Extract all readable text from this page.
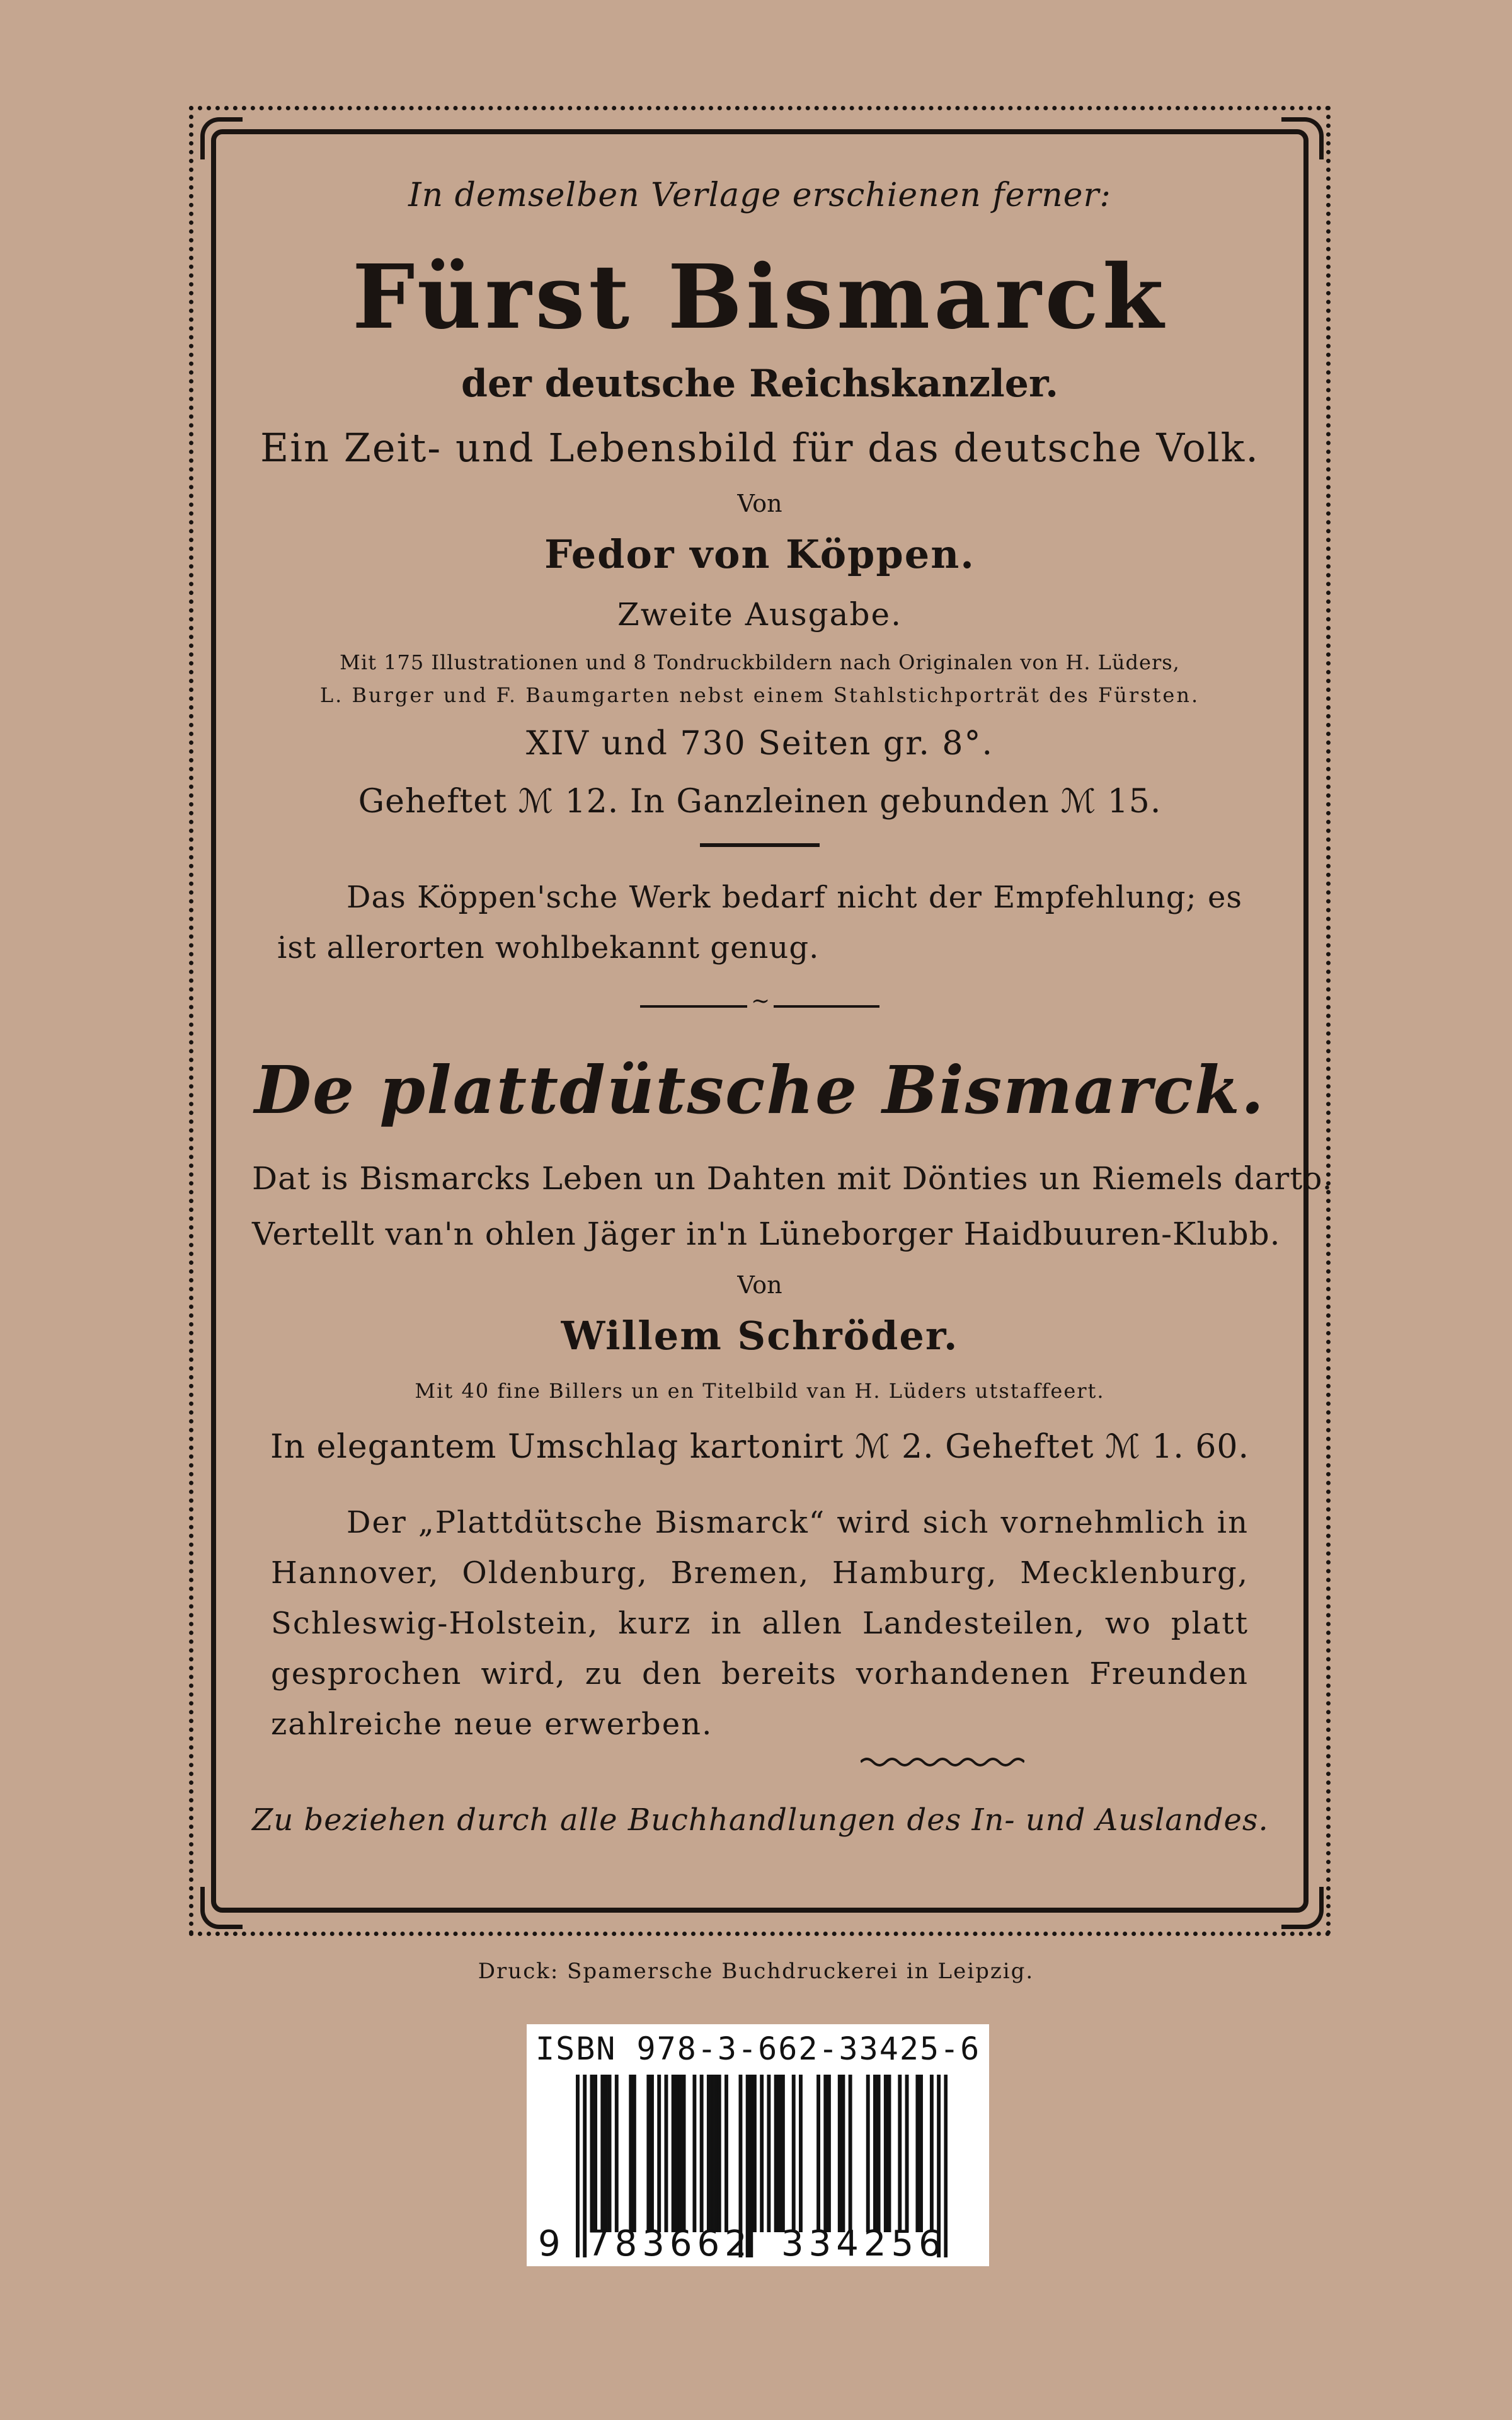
In demselben Verlage erschienen ferner:

Fürst Bismarck

der deutsche Reichskanzler.

Ein Zeit- und Lebensbild für das deutsche Volk.

Von

Fedor von Köppen.

Zweite Ausgabe.

Mit 175 Illustrationen und 8 Tondruckbildern nach Originalen von H. Lüders,

L. Burger und F. Baumgarten nebst einem Stahlstichporträt des Fürsten.

XIV und 730 Seiten gr. 8°.

Geheftet ℳ 12. In Ganzleinen gebunden ℳ 15.

Das Köppen'sche Werk bedarf nicht der Empfehlung; es ist allerorten wohlbekannt genug.

~

De plattdütsche Bismarck.

Dat is Bismarcks Leben un Dahten mit Dönties un Riemels darto.

Vertellt van'n ohlen Jäger in'n Lüneborger Haidbuuren-Klubb.

Von

Willem Schröder.

Mit 40 fine Billers un en Titelbild van H. Lüders utstaffeert.

In elegantem Umschlag kartonirt ℳ 2. Geheftet ℳ 1. 60.

Der „Plattdütsche Bismarck“ wird sich vornehmlich in Hannover, Oldenburg, Bremen, Hamburg, Mecklenburg, Schleswig-Holstein, kurz in allen Landesteilen, wo platt gesprochen wird, zu den bereits vorhandenen Freunden zahlreiche neue erwerben.

Zu beziehen durch alle Buchhandlungen des In- und Auslandes.

Druck: Spamersche Buchdruckerei in Leipzig.
ISBN 978-3-662-33425-6
9 783662 334256
